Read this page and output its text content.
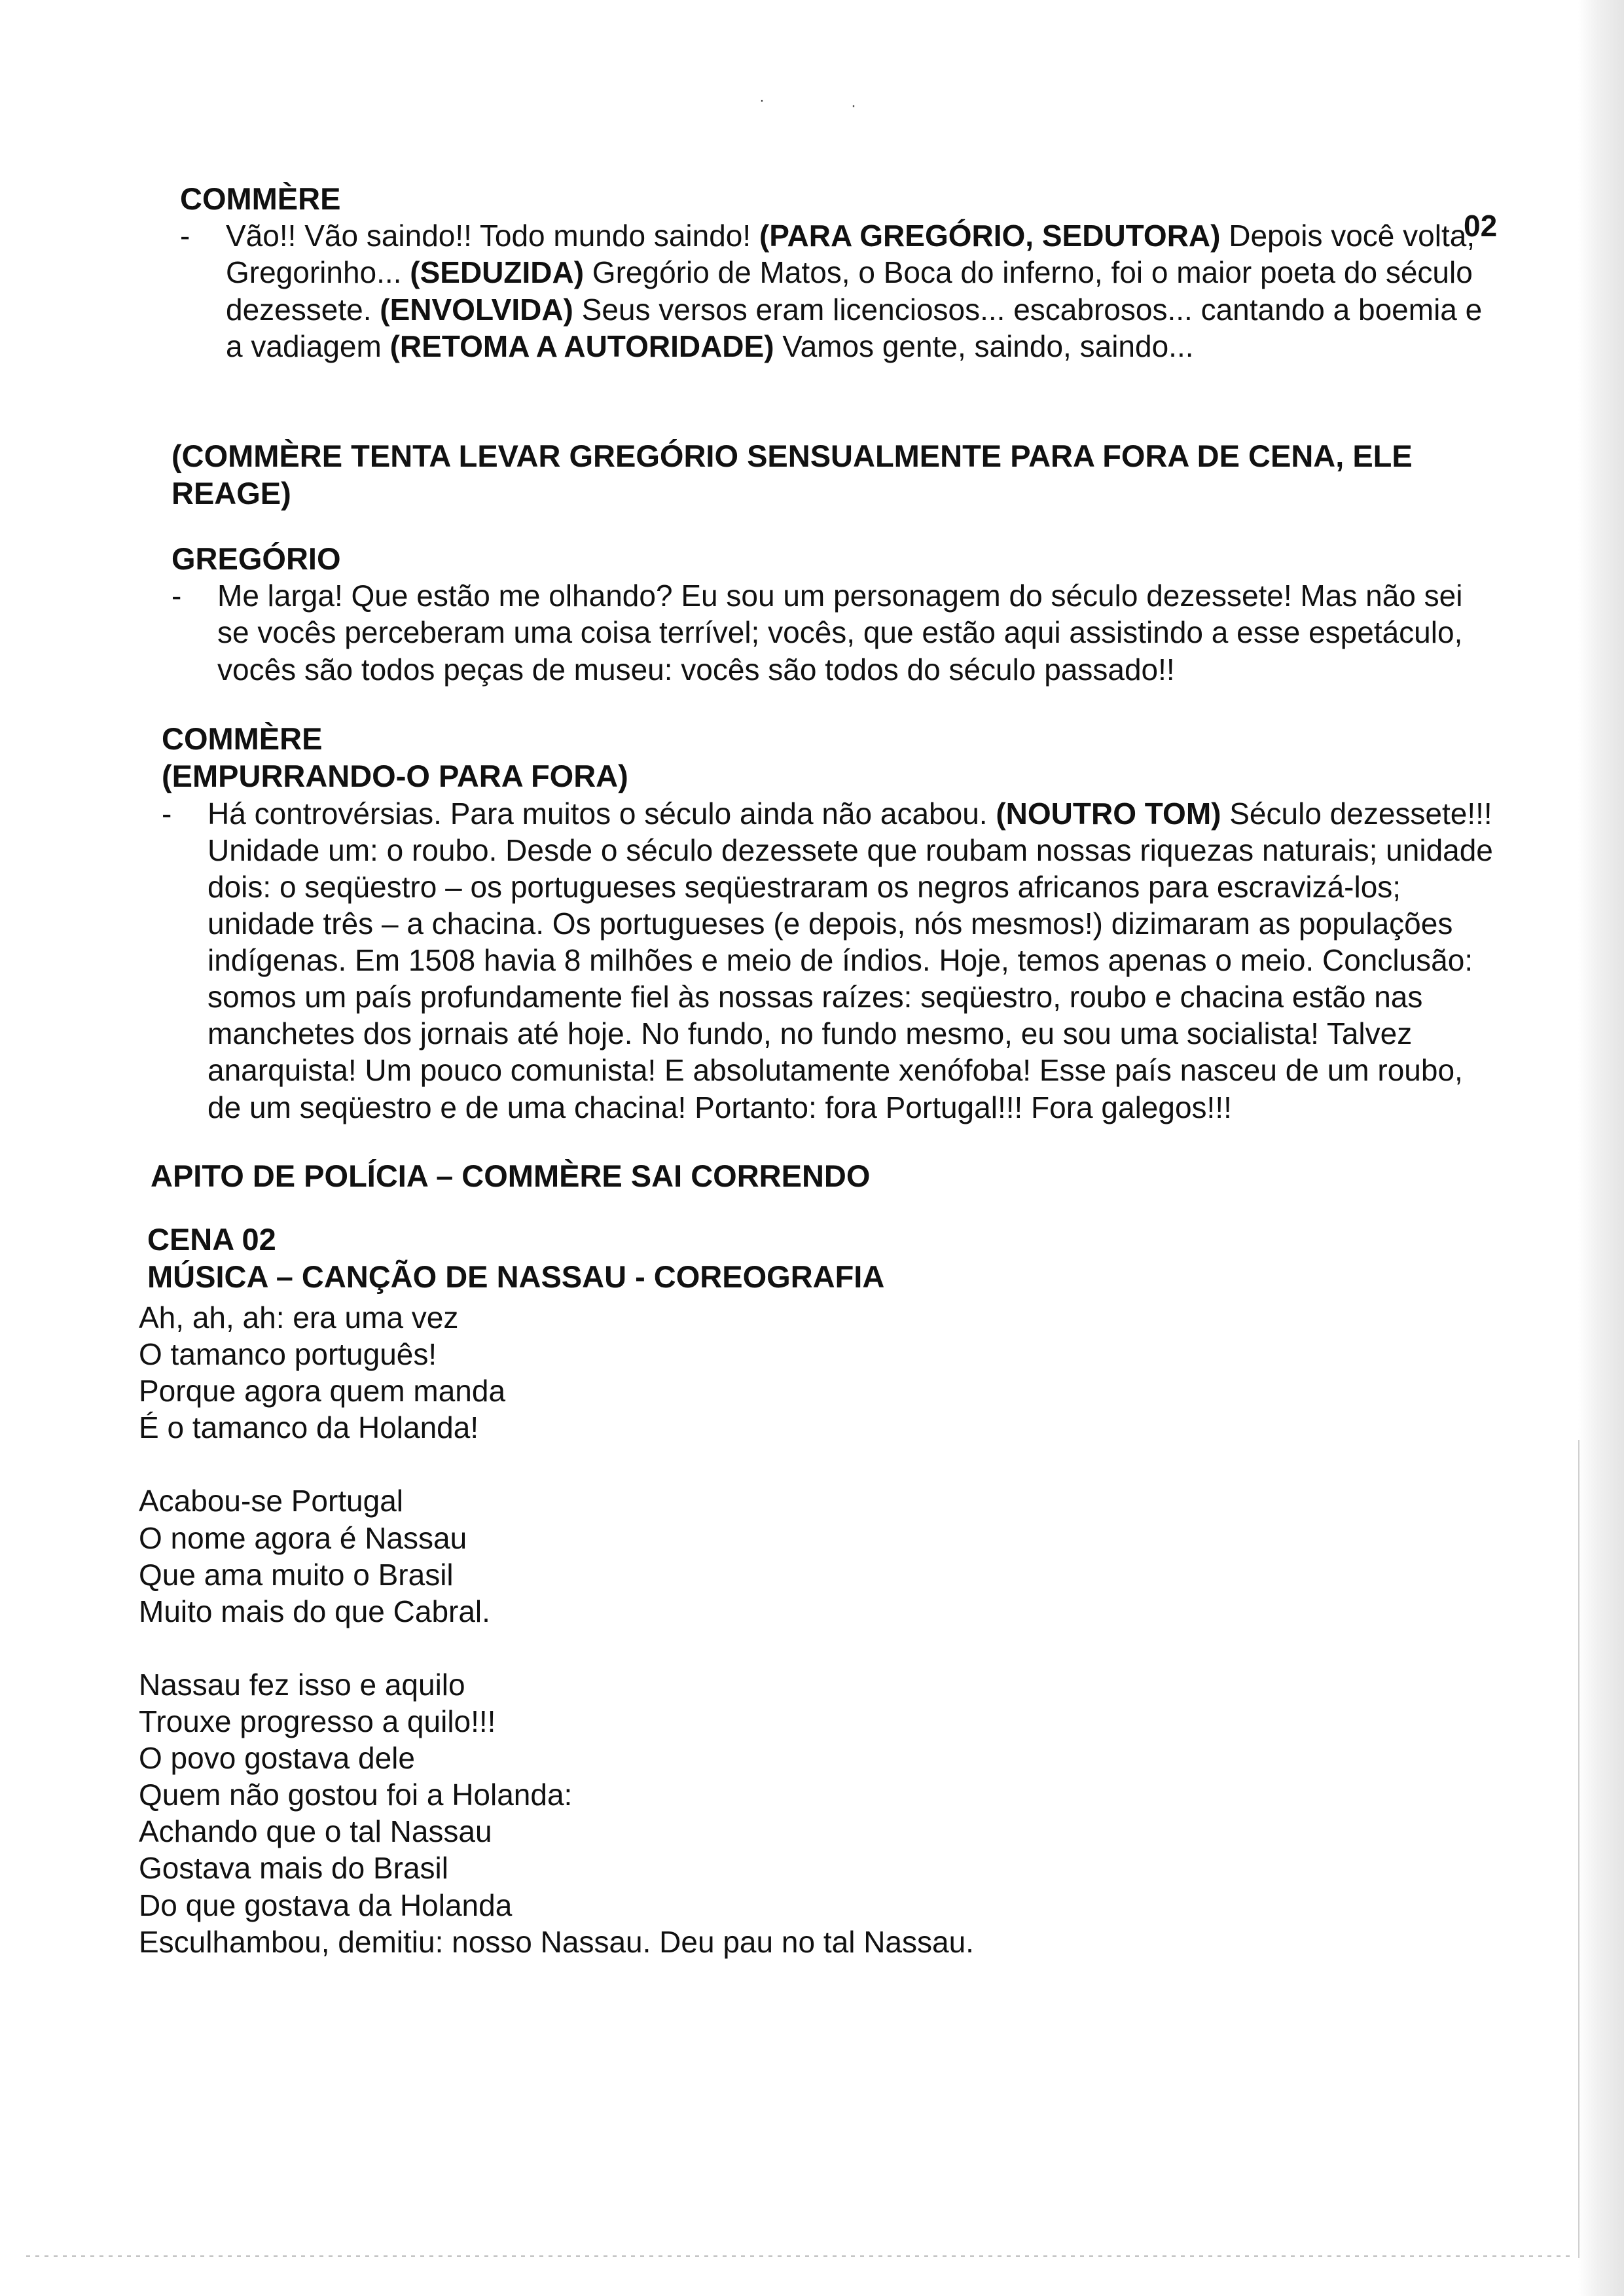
·	·
02
COMMÈRE
- Vão!! Vão saindo!! Todo mundo saindo! (PARA GREGÓRIO, SEDUTORA) Depois você volta, Gregorinho... (SEDUZIDA) Gregório de Matos, o Boca do inferno, foi o maior poeta do século dezessete. (ENVOLVIDA) Seus versos eram licenciosos... escabrosos... cantando a boemia e a vadiagem (RETOMA A AUTORIDADE) Vamos gente, saindo, saindo...

(COMMÈRE TENTA LEVAR GREGÓRIO SENSUALMENTE PARA FORA DE CENA, ELE REAGE)
GREGÓRIO
- Me larga! Que estão me olhando? Eu sou um personagem do século dezessete! Mas não sei se vocês perceberam uma coisa terrível; vocês, que estão aqui assistindo a esse espetáculo, vocês são todos peças de museu: vocês são todos do século passado!!

COMMÈRE
(EMPURRANDO-O PARA FORA)
- Há controvérsias. Para muitos o século ainda não acabou. (NOUTRO TOM) Século dezessete!!! Unidade um: o roubo. Desde o século dezessete que roubam nossas riquezas naturais; unidade dois: o seqüestro – os portugueses seqüestraram os negros africanos para escravizá-los; unidade três – a chacina. Os portugueses (e depois, nós mesmos!) dizimaram as populações indígenas. Em 1508 havia 8 milhões e meio de índios. Hoje, temos apenas o meio. Conclusão: somos um país profundamente fiel às nossas raízes: seqüestro, roubo e chacina estão nas manchetes dos jornais até hoje. No fundo, no fundo mesmo, eu sou uma socialista! Talvez anarquista! Um pouco comunista! E absolutamente xenófoba! Esse país nasceu de um roubo, de um seqüestro e de uma chacina! Portanto: fora Portugal!!! Fora galegos!!!

APITO DE POLÍCIA – COMMÈRE SAI CORRENDO
CENA 02
MÚSICA – CANÇÃO DE NASSAU - COREOGRAFIA
Ah, ah, ah: era uma vez
O tamanco português!
Porque agora quem manda
É o tamanco da Holanda!
Acabou-se Portugal
O nome agora é Nassau
Que ama muito o Brasil
Muito mais do que Cabral.
Nassau fez isso e aquilo
Trouxe progresso a quilo!!!
O povo gostava dele
Quem não gostou foi a Holanda:
Achando que o tal Nassau
Gostava mais do Brasil
Do que gostava da Holanda
Esculhambou, demitiu: nosso Nassau. Deu pau no tal Nassau.
